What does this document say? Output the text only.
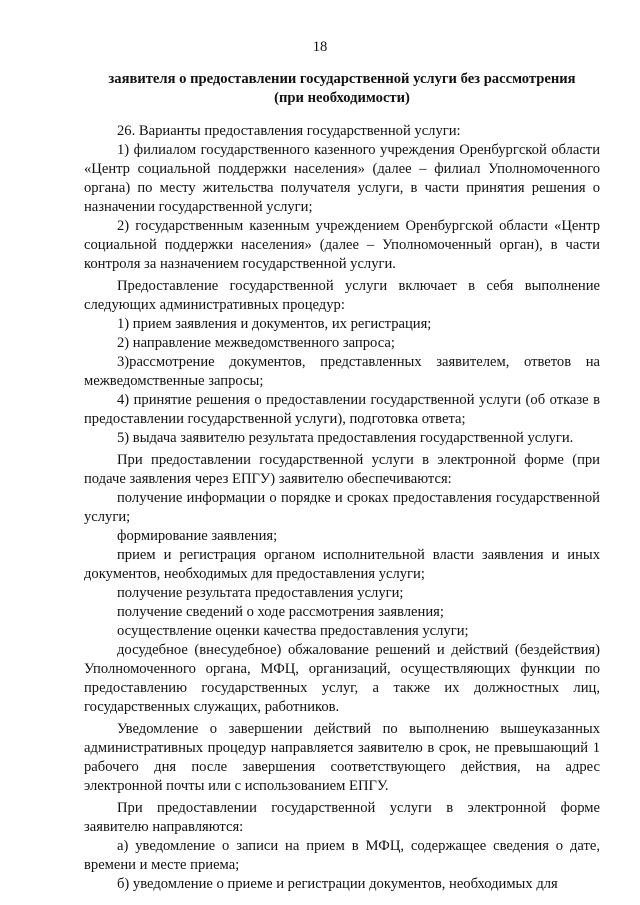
18
заявителя о предоставлении государственной услуги без рассмотрения
(при необходимости)

26. Варианты предоставления государственной услуги:

1) филиалом государственного казенного учреждения Оренбургской области «Центр социальной поддержки населения» (далее – филиал Уполномоченного органа) по месту жительства получателя услуги, в части принятия решения о назначении государственной услуги;

2) государственным казенным учреждением Оренбургской области «Центр социальной поддержки населения» (далее – Уполномоченный орган), в части контроля за назначением государственной услуги.

Предоставление государственной услуги включает в себя выполнение следующих административных процедур:

1) прием заявления и документов, их регистрация;

2) направление межведомственного запроса;

3)рассмотрение документов, представленных заявителем, ответов на межведомственные запросы;

4) принятие решения о предоставлении государственной услуги (об отказе в предоставлении государственной услуги), подготовка ответа;

5) выдача заявителю результата предоставления государственной услуги.

При предоставлении государственной услуги в электронной форме (при подаче заявления через ЕПГУ) заявителю обеспечиваются:

получение информации о порядке и сроках предоставления государственной услуги;

формирование заявления;

прием и регистрация органом исполнительной власти заявления и иных документов, необходимых для предоставления услуги;

получение результата предоставления услуги;

получение сведений о ходе рассмотрения заявления;

осуществление оценки качества предоставления услуги;

досудебное (внесудебное) обжалование решений и действий (бездействия) Уполномоченного органа, МФЦ, организаций, осуществляющих функции по предоставлению государственных услуг, а также их должностных лиц, государственных служащих, работников.

Уведомление о завершении действий по выполнению вышеуказанных административных процедур направляется заявителю в срок, не превышающий 1 рабочего дня после завершения соответствующего действия, на адрес электронной почты или с использованием ЕПГУ.

При предоставлении государственной услуги в электронной форме заявителю направляются:

а) уведомление о записи на прием в МФЦ, содержащее сведения о дате, времени и месте приема;

б) уведомление о приеме и регистрации документов, необходимых для
